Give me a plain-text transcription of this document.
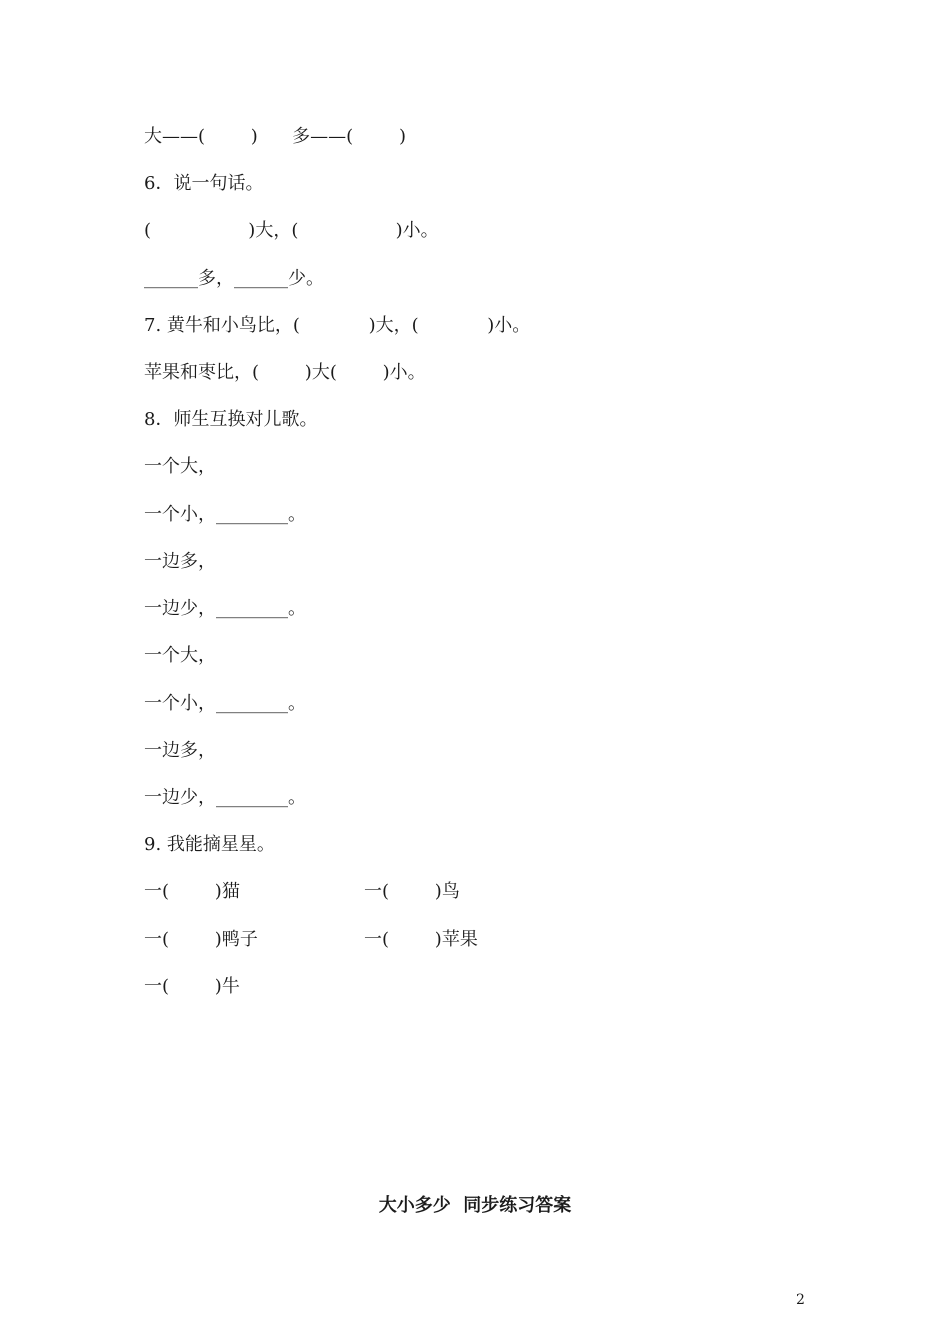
大——(        )      多——(        )
6．说一句话。
(                 )大，(                 )小。
______多，______少。
7. 黄牛和小鸟比，(            )大，(            )小。
苹果和枣比，(        )大(        )小。
8．师生互换对儿歌。
一个大，
一个小，________。
一边多，
一边少，________。
一个大，
一个小，________。
一边多，
一边少，________。
9. 我能摘星星。
一(        )猫	一(        )鸟
一(        )鸭子	一(        )苹果
一(        )牛
大小多少  同步练习答案
2
